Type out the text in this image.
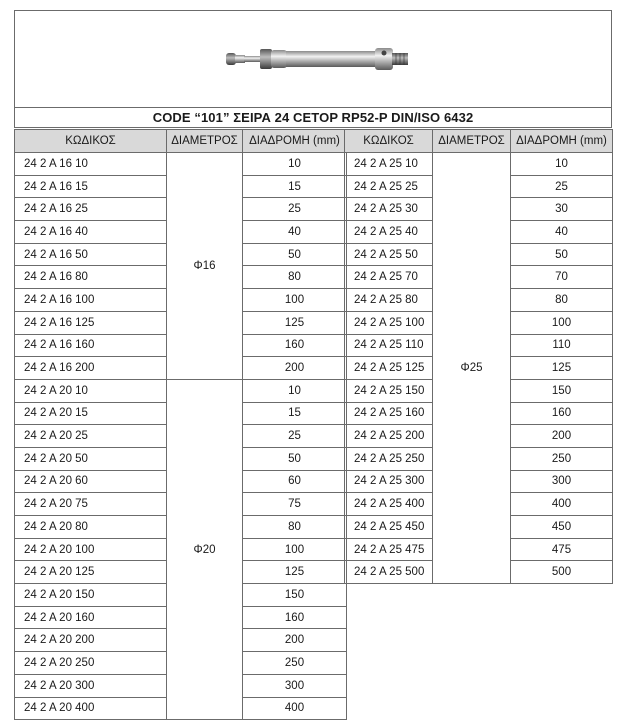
CODE “101” ΣΕΙΡΑ 24 CETOP RP52-P DIN/ISO 6432
ΚΩΔΙΚΟΣ	ΔΙΑΜΕΤΡΟΣ	ΔΙΑΔΡΟΜΗ (mm)
24 2 A 16 10	Φ16	10
24 2 A 16 15		15
24 2 A 16 25		25
24 2 A 16 40		40
24 2 A 16 50		50
24 2 A 16 80		80
24 2 A 16 100		100
24 2 A 16 125		125
24 2 A 16 160		160
24 2 A 16 200		200
24 2 A 20 10	Φ20	10
24 2 A 20 15		15
24 2 A 20 25		25
24 2 A 20 50		50
24 2 A 20 60		60
24 2 A 20 75		75
24 2 A 20 80		80
24 2 A 20 100		100
24 2 A 20 125		125
24 2 A 20 150		150
24 2 A 20 160		160
24 2 A 20 200		200
24 2 A 20 250		250
24 2 A 20 300		300
24 2 A 20 400		400
ΚΩΔΙΚΟΣ	ΔΙΑΜΕΤΡΟΣ	ΔΙΑΔΡΟΜΗ (mm)
24 2 A 25 10	Φ25	10
24 2 A 25 25		25
24 2 A 25 30		30
24 2 A 25 40		40
24 2 A 25 50		50
24 2 A 25 70		70
24 2 A 25 80		80
24 2 A 25 100		100
24 2 A 25 110		110
24 2 A 25 125		125
24 2 A 25 150		150
24 2 A 25 160		160
24 2 A 25 200		200
24 2 A 25 250		250
24 2 A 25 300		300
24 2 A 25 400		400
24 2 A 25 450		450
24 2 A 25 475		475
24 2 A 25 500		500
